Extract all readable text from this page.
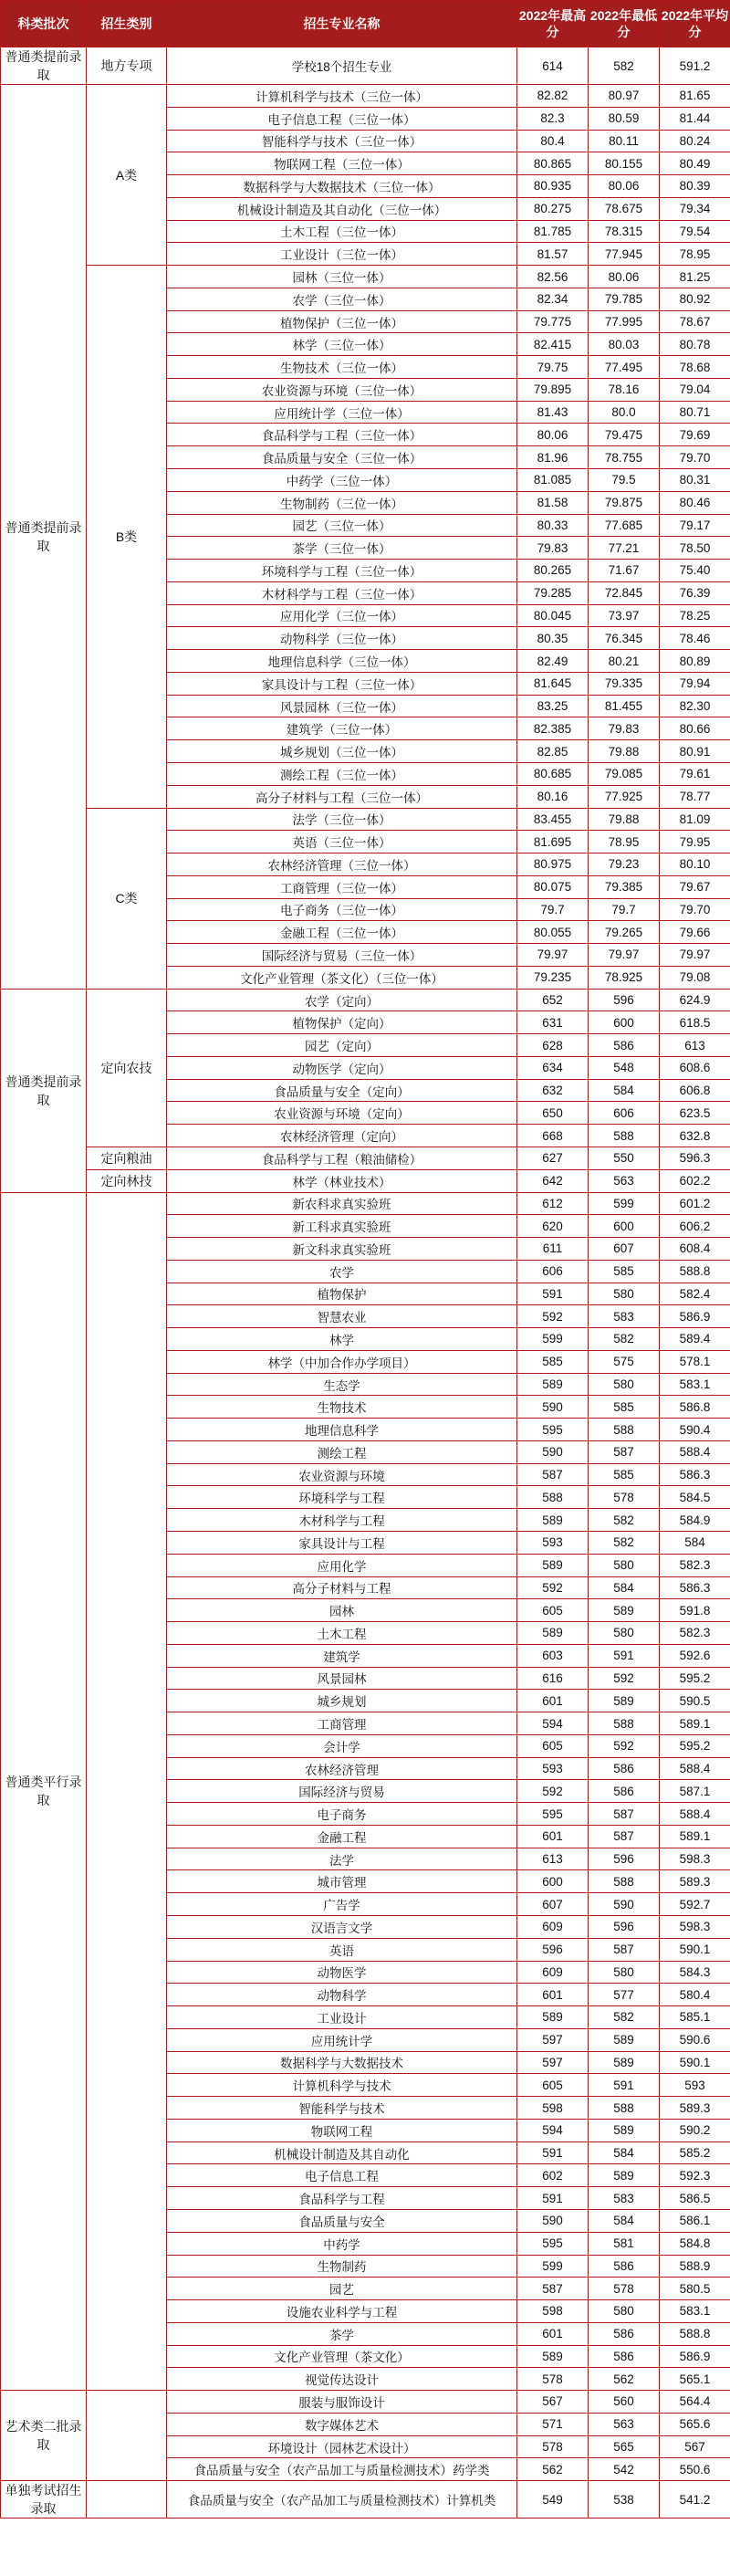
科类批次	招生类别	招生专业名称	2022年最高分	2022年最低分	2022年平均分
普通类提前录取	地方专项	学校18个招生专业	614	582	591.2
普通类提前录取	A类	计算机科学与技术（三位一体）	82.82	80.97	81.65
		电子信息工程（三位一体）	82.3	80.59	81.44
		智能科学与技术（三位一体）	80.4	80.11	80.24
		物联网工程（三位一体）	80.865	80.155	80.49
		数据科学与大数据技术（三位一体）	80.935	80.06	80.39
		机械设计制造及其自动化（三位一体）	80.275	78.675	79.34
		土木工程（三位一体）	81.785	78.315	79.54
		工业设计（三位一体）	81.57	77.945	78.95
	B类	园林（三位一体）	82.56	80.06	81.25
		农学（三位一体）	82.34	79.785	80.92
		植物保护（三位一体）	79.775	77.995	78.67
		林学（三位一体）	82.415	80.03	80.78
		生物技术（三位一体）	79.75	77.495	78.68
		农业资源与环境（三位一体）	79.895	78.16	79.04
		应用统计学（三位一体）	81.43	80.0	80.71
		食品科学与工程（三位一体）	80.06	79.475	79.69
		食品质量与安全（三位一体）	81.96	78.755	79.70
		中药学（三位一体）	81.085	79.5	80.31
		生物制药（三位一体）	81.58	79.875	80.46
		园艺（三位一体）	80.33	77.685	79.17
		茶学（三位一体）	79.83	77.21	78.50
		环境科学与工程（三位一体）	80.265	71.67	75.40
		木材科学与工程（三位一体）	79.285	72.845	76.39
		应用化学（三位一体）	80.045	73.97	78.25
		动物科学（三位一体）	80.35	76.345	78.46
		地理信息科学（三位一体）	82.49	80.21	80.89
		家具设计与工程（三位一体）	81.645	79.335	79.94
		风景园林（三位一体）	83.25	81.455	82.30
		建筑学（三位一体）	82.385	79.83	80.66
		城乡规划（三位一体）	82.85	79.88	80.91
		测绘工程（三位一体）	80.685	79.085	79.61
		高分子材料与工程（三位一体）	80.16	77.925	78.77
	C类	法学（三位一体）	83.455	79.88	81.09
		英语（三位一体）	81.695	78.95	79.95
		农林经济管理（三位一体）	80.975	79.23	80.10
		工商管理（三位一体）	80.075	79.385	79.67
		电子商务（三位一体）	79.7	79.7	79.70
		金融工程（三位一体）	80.055	79.265	79.66
		国际经济与贸易（三位一体）	79.97	79.97	79.97
		文化产业管理（茶文化）（三位一体）	79.235	78.925	79.08
普通类提前录取	定向农技	农学（定向）	652	596	624.9
		植物保护（定向）	631	600	618.5
		园艺（定向）	628	586	613
		动物医学（定向）	634	548	608.6
		食品质量与安全（定向）	632	584	606.8
		农业资源与环境（定向）	650	606	623.5
		农林经济管理（定向）	668	588	632.8
	定向粮油	食品科学与工程（粮油储检）	627	550	596.3
	定向林技	林学（林业技术）	642	563	602.2
普通类平行录取		新农科求真实验班	612	599	601.2
		新工科求真实验班	620	600	606.2
		新文科求真实验班	611	607	608.4
		农学	606	585	588.8
		植物保护	591	580	582.4
		智慧农业	592	583	586.9
		林学	599	582	589.4
		林学（中加合作办学项目）	585	575	578.1
		生态学	589	580	583.1
		生物技术	590	585	586.8
		地理信息科学	595	588	590.4
		测绘工程	590	587	588.4
		农业资源与环境	587	585	586.3
		环境科学与工程	588	578	584.5
		木材科学与工程	589	582	584.9
		家具设计与工程	593	582	584
		应用化学	589	580	582.3
		高分子材料与工程	592	584	586.3
		园林	605	589	591.8
		土木工程	589	580	582.3
		建筑学	603	591	592.6
		风景园林	616	592	595.2
		城乡规划	601	589	590.5
		工商管理	594	588	589.1
		会计学	605	592	595.2
		农林经济管理	593	586	588.4
		国际经济与贸易	592	586	587.1
		电子商务	595	587	588.4
		金融工程	601	587	589.1
		法学	613	596	598.3
		城市管理	600	588	589.3
		广告学	607	590	592.7
		汉语言文学	609	596	598.3
		英语	596	587	590.1
		动物医学	609	580	584.3
		动物科学	601	577	580.4
		工业设计	589	582	585.1
		应用统计学	597	589	590.6
		数据科学与大数据技术	597	589	590.1
		计算机科学与技术	605	591	593
		智能科学与技术	598	588	589.3
		物联网工程	594	589	590.2
		机械设计制造及其自动化	591	584	585.2
		电子信息工程	602	589	592.3
		食品科学与工程	591	583	586.5
		食品质量与安全	590	584	586.1
		中药学	595	581	584.8
		生物制药	599	586	588.9
		园艺	587	578	580.5
		设施农业科学与工程	598	580	583.1
		茶学	601	586	588.8
		文化产业管理（茶文化）	589	586	586.9
		视觉传达设计	578	562	565.1
艺术类二批录取		服装与服饰设计	567	560	564.4
		数字媒体艺术	571	563	565.6
		环境设计（园林艺术设计）	578	565	567
		食品质量与安全（农产品加工与质量检测技术）药学类	562	542	550.6
单独考试招生录取		食品质量与安全（农产品加工与质量检测技术）计算机类	549	538	541.2
